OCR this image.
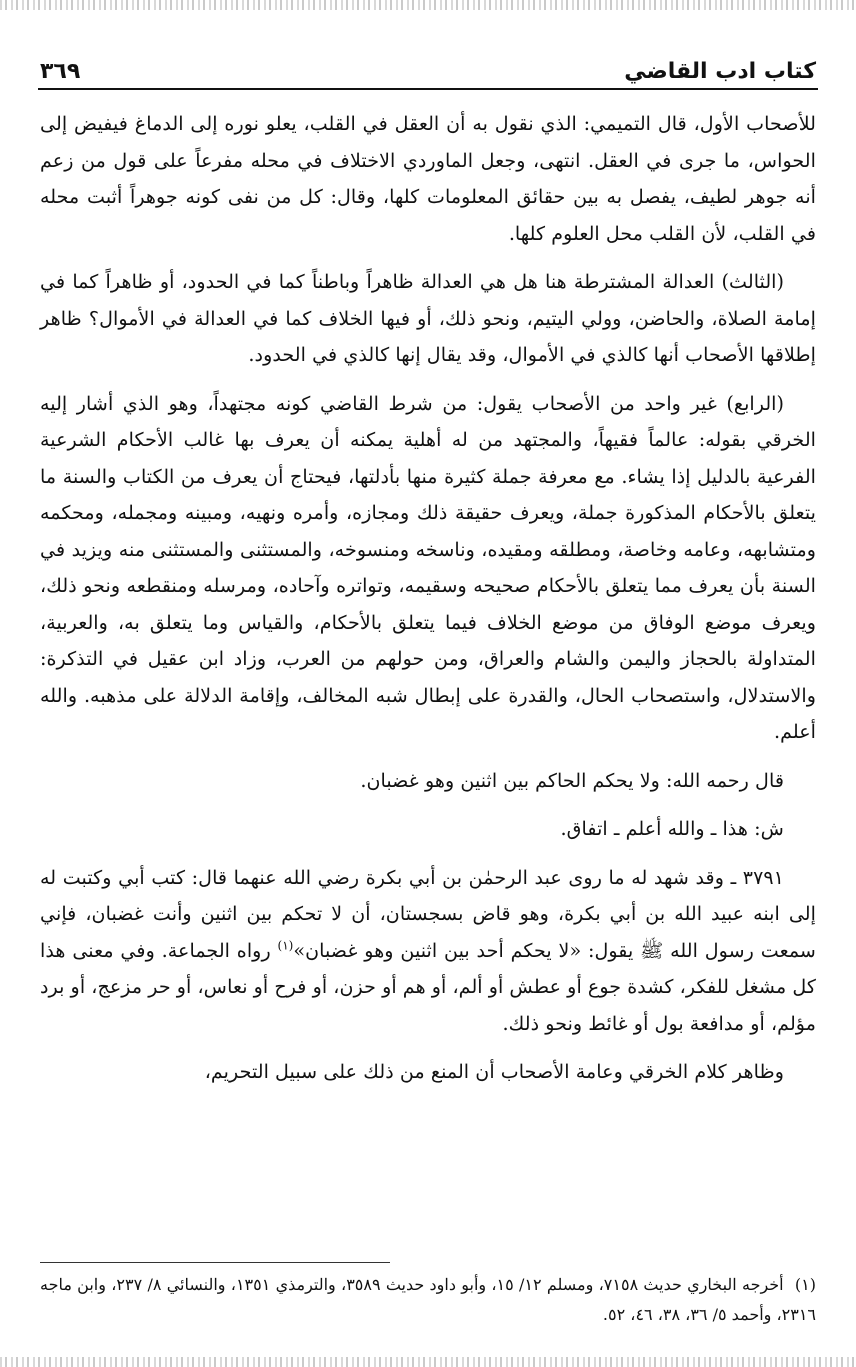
كتاب ادب القاضي
٣٦٩

للأصحاب الأول، قال التميمي: الذي نقول به أن العقل في القلب، يعلو نوره إلى الدماغ فيفيض إلى الحواس، ما جرى في العقل. انتهى، وجعل الماوردي الاختلاف في محله مفرعاً على قول من زعم أنه جوهر لطيف، يفصل به بين حقائق المعلومات كلها، وقال: كل من نفى كونه جوهراً أثبت محله في القلب، لأن القلب محل العلوم كلها.

(الثالث) العدالة المشترطة هنا هل هي العدالة ظاهراً وباطناً كما في الحدود، أو ظاهراً كما في إمامة الصلاة، والحاضن، وولي اليتيم، ونحو ذلك، أو فيها الخلاف كما في العدالة في الأموال؟ ظاهر إطلاقها الأصحاب أنها كالذي في الأموال، وقد يقال إنها كالذي في الحدود.

(الرابع) غير واحد من الأصحاب يقول: من شرط القاضي كونه مجتهداً، وهو الذي أشار إليه الخرقي بقوله: عالماً فقيهاً، والمجتهد من له أهلية يمكنه أن يعرف بها غالب الأحكام الشرعية الفرعية بالدليل إذا يشاء. مع معرفة جملة كثيرة منها بأدلتها، فيحتاج أن يعرف من الكتاب والسنة ما يتعلق بالأحكام المذكورة جملة، ويعرف حقيقة ذلك ومجازه، وأمره ونهيه، ومبينه ومجمله، ومحكمه ومتشابهه، وعامه وخاصة، ومطلقه ومقيده، وناسخه ومنسوخه، والمستثنى والمستثنى منه ويزيد في السنة بأن يعرف مما يتعلق بالأحكام صحيحه وسقيمه، وتواتره وآحاده، ومرسله ومنقطعه ونحو ذلك، ويعرف موضع الوفاق من موضع الخلاف فيما يتعلق بالأحكام، والقياس وما يتعلق به، والعربية، المتداولة بالحجاز واليمن والشام والعراق، ومن حولهم من العرب، وزاد ابن عقيل في التذكرة: والاستدلال، واستصحاب الحال، والقدرة على إبطال شبه المخالف، وإقامة الدلالة على مذهبه. والله أعلم.

قال رحمه الله: ولا يحكم الحاكم بين اثنين وهو غضبان.

ش: هذا ـ والله أعلم ـ اتفاق.

٣٧٩١ ـ وقد شهد له ما روى عبد الرحمٰن بن أبي بكرة رضي الله عنهما قال: كتب أبي وكتبت له إلى ابنه عبيد الله بن أبي بكرة، وهو قاض بسجستان، أن لا تحكم بين اثنين وأنت غضبان، فإني سمعت رسول الله ﷺ يقول: «لا يحكم أحد بين اثنين وهو غضبان»$^{(١)}$ رواه الجماعة. وفي معنى هذا كل مشغل للفكر، كشدة جوع أو عطش أو ألم، أو هم أو حزن، أو فرح أو نعاس، أو حر مزعج، أو برد مؤلم، أو مدافعة بول أو غائط ونحو ذلك.

وظاهر كلام الخرقي وعامة الأصحاب أن المنع من ذلك على سبيل التحريم،

(١) أخرجه البخاري حديث ٧١٥٨، ومسلم ١٢/ ١٥، وأبو داود حديث ٣٥٨٩، والترمذي ١٣٥١، والنسائي ٨/ ٢٣٧، وابن ماجه ٢٣١٦، وأحمد ٥/ ٣٦، ٣٨، ٤٦، ٥٢.
